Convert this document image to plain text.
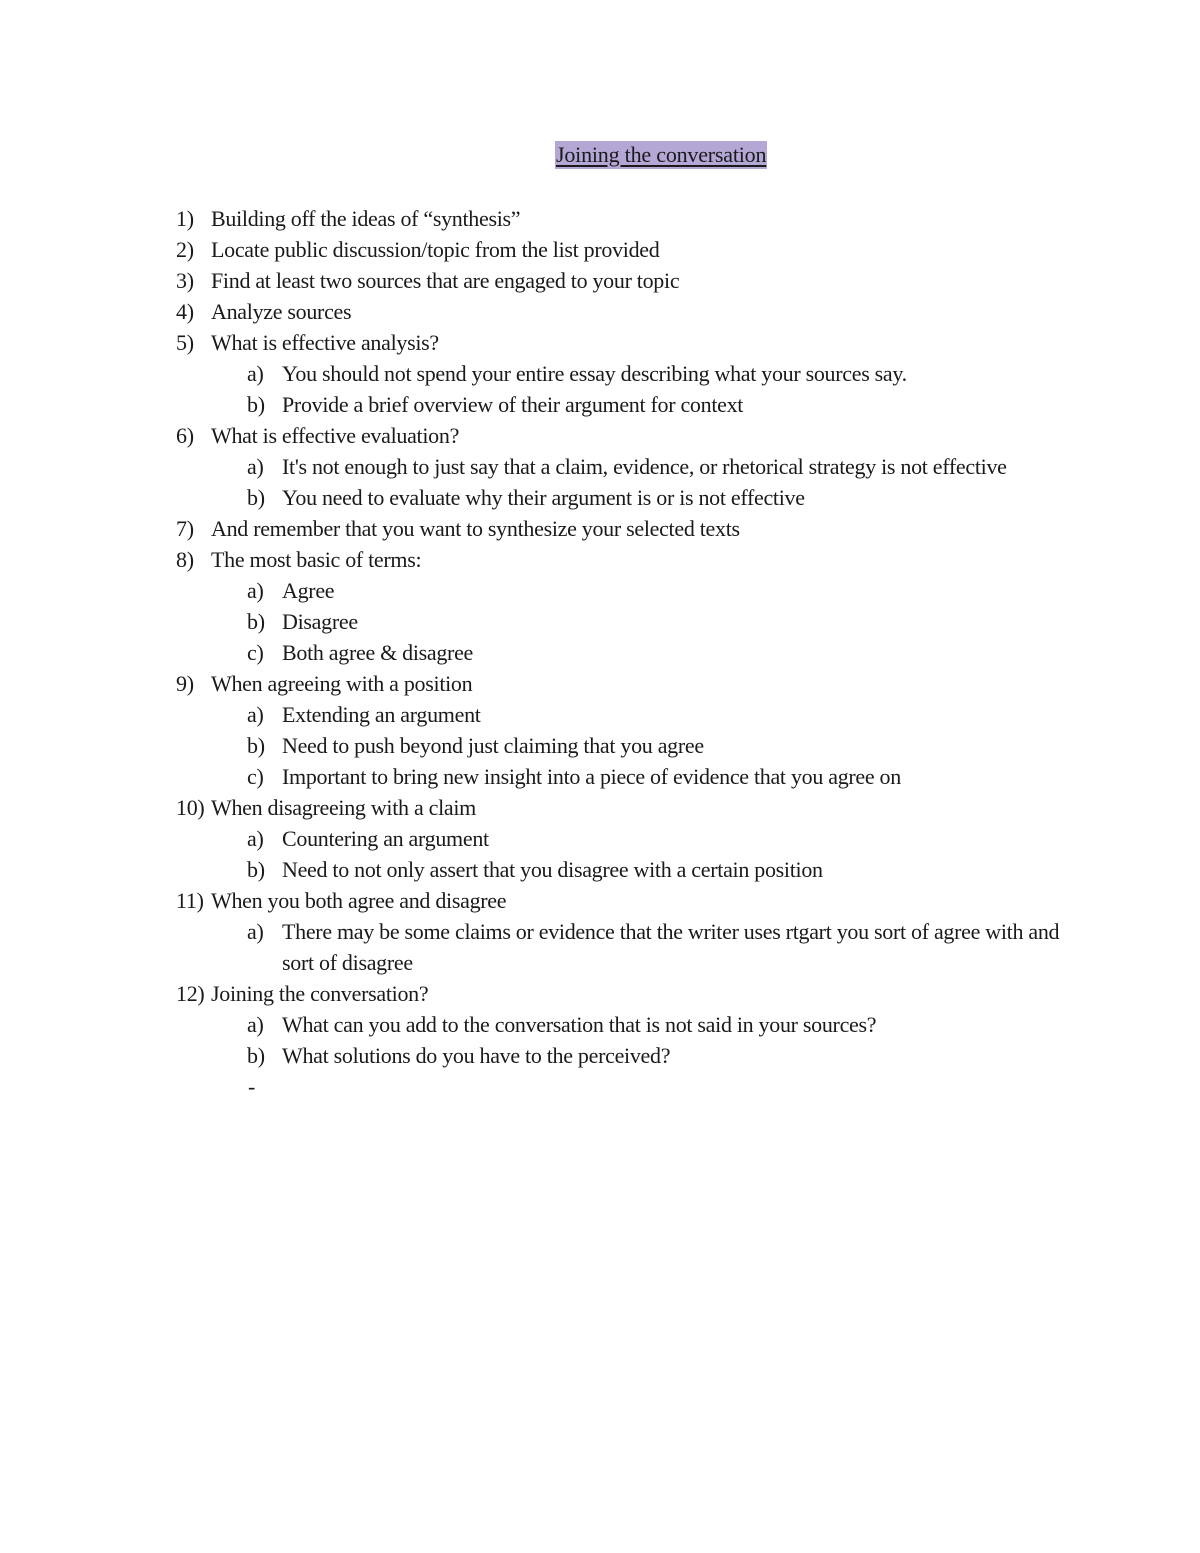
Joining the conversation
1) Building off the ideas of “synthesis”
2) Locate public discussion/topic from the list provided
3) Find at least two sources that are engaged to your topic
4) Analyze sources
5) What is effective analysis?
a) You should not spend your entire essay describing what your sources say.
b) Provide a brief overview of their argument for context
6) What is effective evaluation?
a) It's not enough to just say that a claim, evidence, or rhetorical strategy is not effective
b) You need to evaluate why their argument is or is not effective
7) And remember that you want to synthesize your selected texts
8) The most basic of terms:
a) Agree
b) Disagree
c) Both agree & disagree
9) When agreeing with a position
a) Extending an argument
b) Need to push beyond just claiming that you agree
c) Important to bring new insight into a piece of evidence that you agree on
10) When disagreeing with a claim
a) Countering an argument
b) Need to not only assert that you disagree with a certain position
11) When you both agree and disagree
a) There may be some claims or evidence that the writer uses rtgart you sort of agree with and sort of disagree
12) Joining the conversation?
a) What can you add to the conversation that is not said in your sources?
b) What solutions do you have to the perceived?
-
